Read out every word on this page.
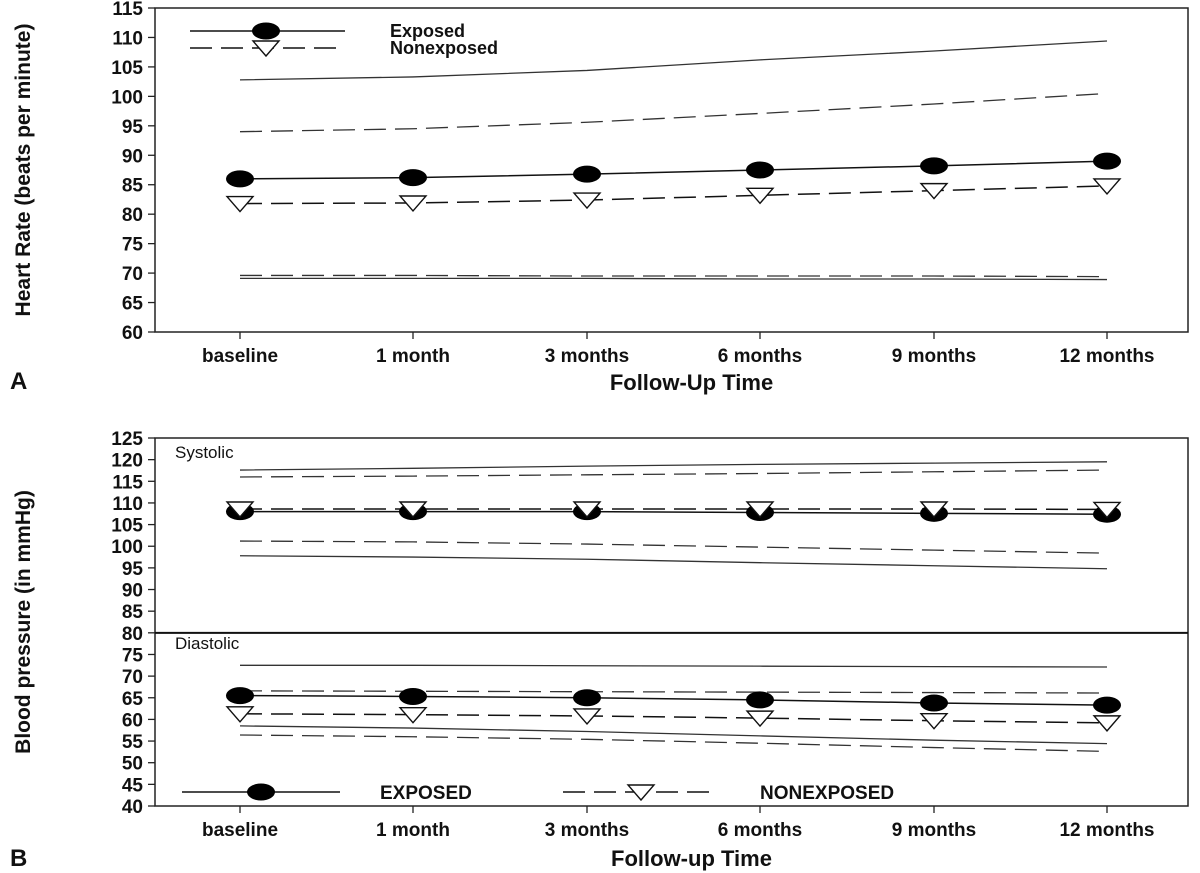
60
65
70
75
80
85
90
95
100
105
110
115
baseline	1 month	3 months	6 months	9 months	12 months
Exposed
Nonexposed
Heart Rate (beats per minute)
Follow-Up Time
A
40
45
50
55
60
65
70
75
80
85
90
95
100
105
110
115
120
125
baseline	1 month	3 months	6 months	9 months	12 months
EXPOSED	NONEXPOSED
Systolic
Diastolic
Blood pressure (in mmHg)
Follow-up Time
B
